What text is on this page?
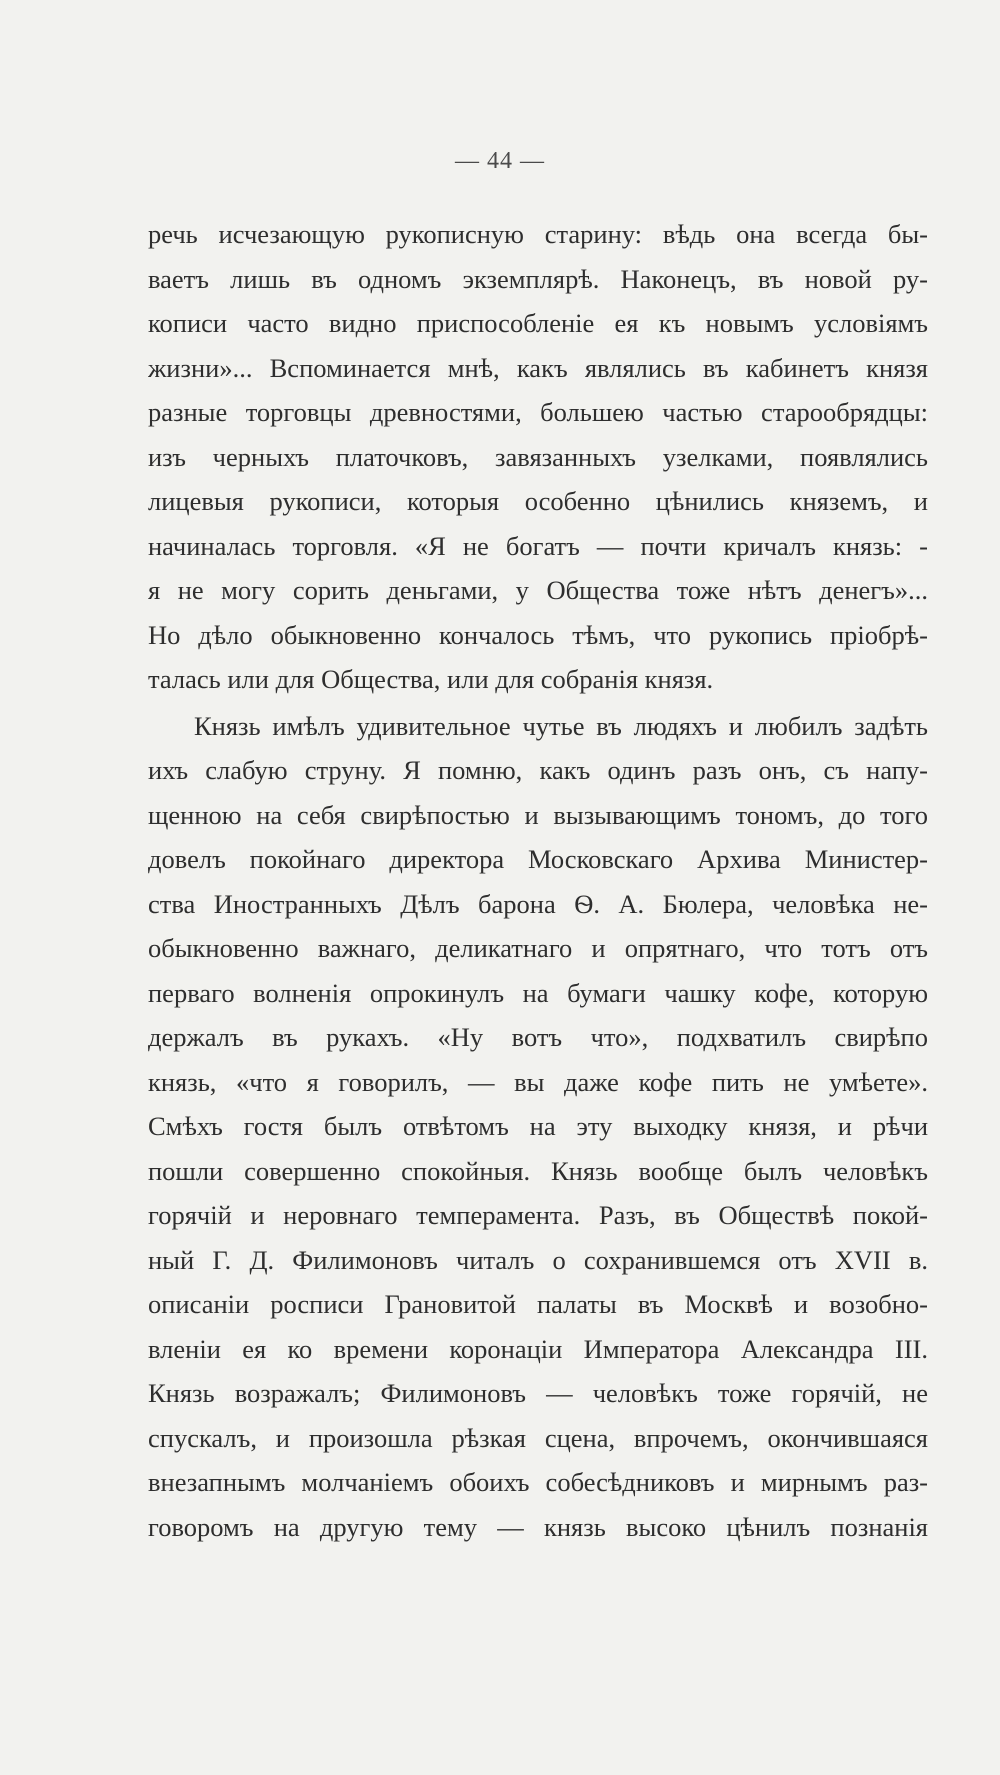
— 44 —
речь исчезающую рукописную старину: вѣдь она всегда бы-
ваетъ лишь въ одномъ экземплярѣ. Наконецъ, въ новой ру-
кописи часто видно приспособленіе ея къ новымъ условіямъ
жизни»... Вспоминается мнѣ, какъ являлись въ кабинетъ князя
разные торговцы древностями, большею частью старообрядцы:
изъ черныхъ платочковъ, завязанныхъ узелками, появлялись
лицевыя рукописи, которыя особенно цѣнились княземъ, и
начиналась торговля. «Я не богатъ — почти кричалъ князь: -
я не могу сорить деньгами, у Общества тоже нѣтъ денегъ»...
Но дѣло обыкновенно кончалось тѣмъ, что рукопись пріобрѣ-
талась или для Общества, или для собранія князя.
Князь имѣлъ удивительное чутье въ людяхъ и любилъ задѣть
ихъ слабую струну. Я помню, какъ одинъ разъ онъ, съ напу-
щенною на себя свирѣпостью и вызывающимъ тономъ, до того
довелъ покойнаго директора Московскаго Архива Министер-
ства Иностранныхъ Дѣлъ барона Ѳ. А. Бюлера, человѣка не-
обыкновенно важнаго, деликатнаго и опрятнаго, что тотъ отъ
перваго волненія опрокинулъ на бумаги чашку кофе, которую
держалъ въ рукахъ. «Ну вотъ что», подхватилъ свирѣпо
князь, «что я говорилъ, — вы даже кофе пить не умѣете».
Смѣхъ гостя былъ отвѣтомъ на эту выходку князя, и рѣчи
пошли совершенно спокойныя. Князь вообще былъ человѣкъ
горячій и неровнаго темперамента. Разъ, въ Обществѣ покой-
ный Г. Д. Филимоновъ читалъ о сохранившемся отъ XVII в.
описаніи росписи Грановитой палаты въ Москвѣ и возобно-
вленіи ея ко времени коронаціи Императора Александра III.
Князь возражалъ; Филимоновъ — человѣкъ тоже горячій, не
спускалъ, и произошла рѣзкая сцена, впрочемъ, окончившаяся
внезапнымъ молчаніемъ обоихъ собесѣдниковъ и мирнымъ раз-
говоромъ на другую тему — князь высоко цѣнилъ познанія
